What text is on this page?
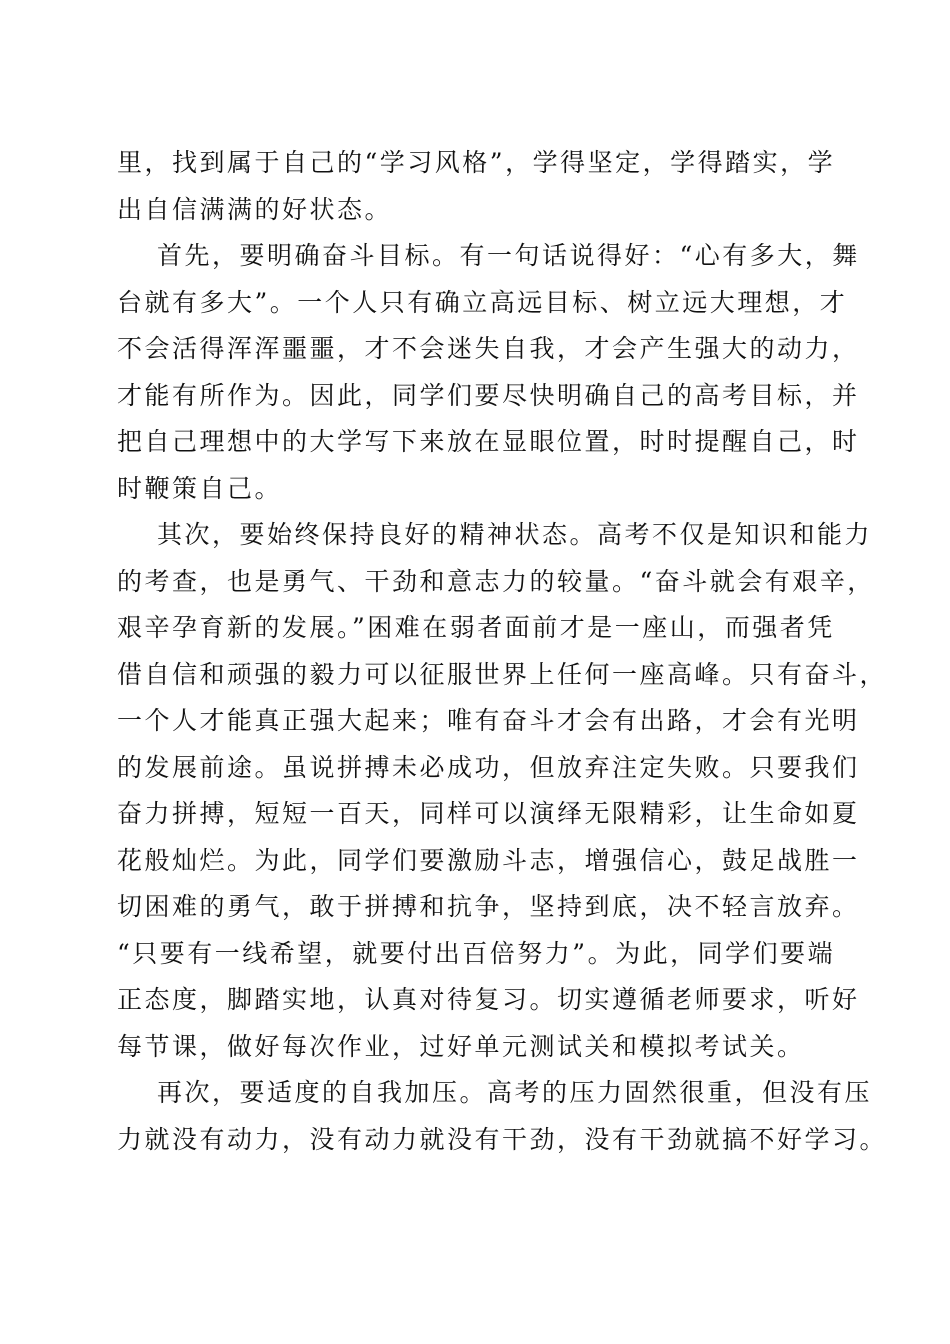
里，找到属于自己的“学习风格”，学得坚定，学得踏实，学
出自信满满的好状态。
首先，要明确奋斗目标。有一句话说得好：“心有多大，舞
台就有多大”。一个人只有确立高远目标、树立远大理想，才
不会活得浑浑噩噩，才不会迷失自我，才会产生强大的动力，
才能有所作为。因此，同学们要尽快明确自己的高考目标，并
把自己理想中的大学写下来放在显眼位置，时时提醒自己，时
时鞭策自己。
其次，要始终保持良好的精神状态。高考不仅是知识和能力
的考查，也是勇气、干劲和意志力的较量。“奋斗就会有艰辛，
艰辛孕育新的发展。”困难在弱者面前才是一座山，而强者凭
借自信和顽强的毅力可以征服世界上任何一座高峰。只有奋斗，
一个人才能真正强大起来；唯有奋斗才会有出路，才会有光明
的发展前途。虽说拼搏未必成功，但放弃注定失败。只要我们
奋力拼搏，短短一百天，同样可以演绎无限精彩，让生命如夏
花般灿烂。为此，同学们要激励斗志，增强信心，鼓足战胜一
切困难的勇气，敢于拼搏和抗争，坚持到底，决不轻言放弃。
“只要有一线希望，就要付出百倍努力”。为此，同学们要端
正态度，脚踏实地，认真对待复习。切实遵循老师要求，听好
每节课，做好每次作业，过好单元测试关和模拟考试关。
再次，要适度的自我加压。高考的压力固然很重，但没有压
力就没有动力，没有动力就没有干劲，没有干劲就搞不好学习。
